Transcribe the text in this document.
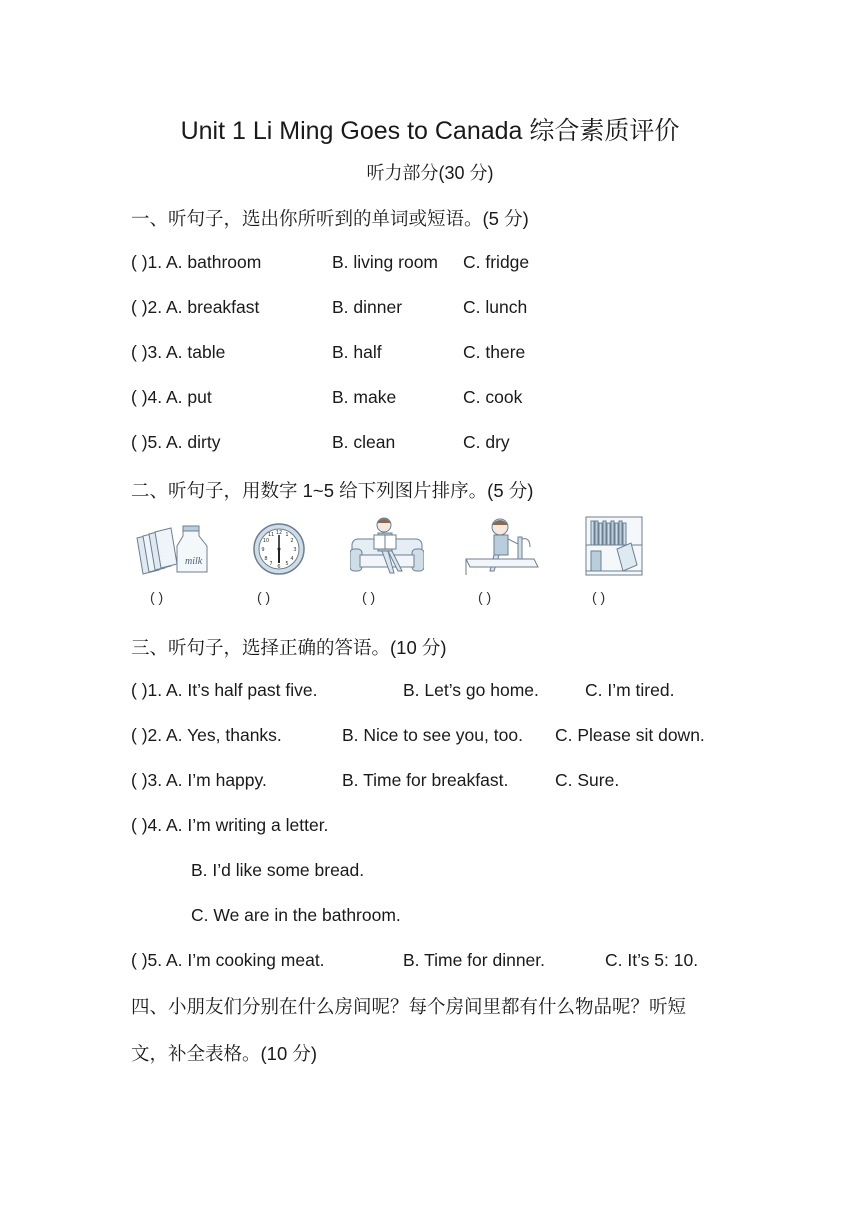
Unit 1 Li Ming Goes to Canada 综合素质评价
听力部分(30 分)
一、听句子，选出你所听到的单词或短语。(5 分)
( )1. A. bathroom	B. living room C. fridge
( )2. A. breakfast	B. dinner	C. lunch
( )3. A. table	B. half	C. there
( )4. A. put	B. make	C. cook
( )5. A. dirty	B. clean	C. dry
二、听句子，用数字 1~5 给下列图片排序。(5 分)
milk
( )
12
3
6
9
1
2
4
5
7
8
10
11
( )	( )	( )	( )
三、听句子，选择正确的答语。(10 分)
( )1. A. It’s half past five.	B. Let’s go home.	C. I’m tired.
( )2. A. Yes, thanks.	B. Nice to see you, too. C. Please sit down.
( )3. A. I’m happy.	B. Time for breakfast.	C. Sure.
( )4. A. I’m writing a letter.
B. I’d like some bread.
C. We are in the bathroom.
( )5. A. I’m cooking meat.	B. Time for dinner.	C. It’s 5: 10.
四、小朋友们分别在什么房间呢？每个房间里都有什么物品呢？听短
文，补全表格。(10 分)
